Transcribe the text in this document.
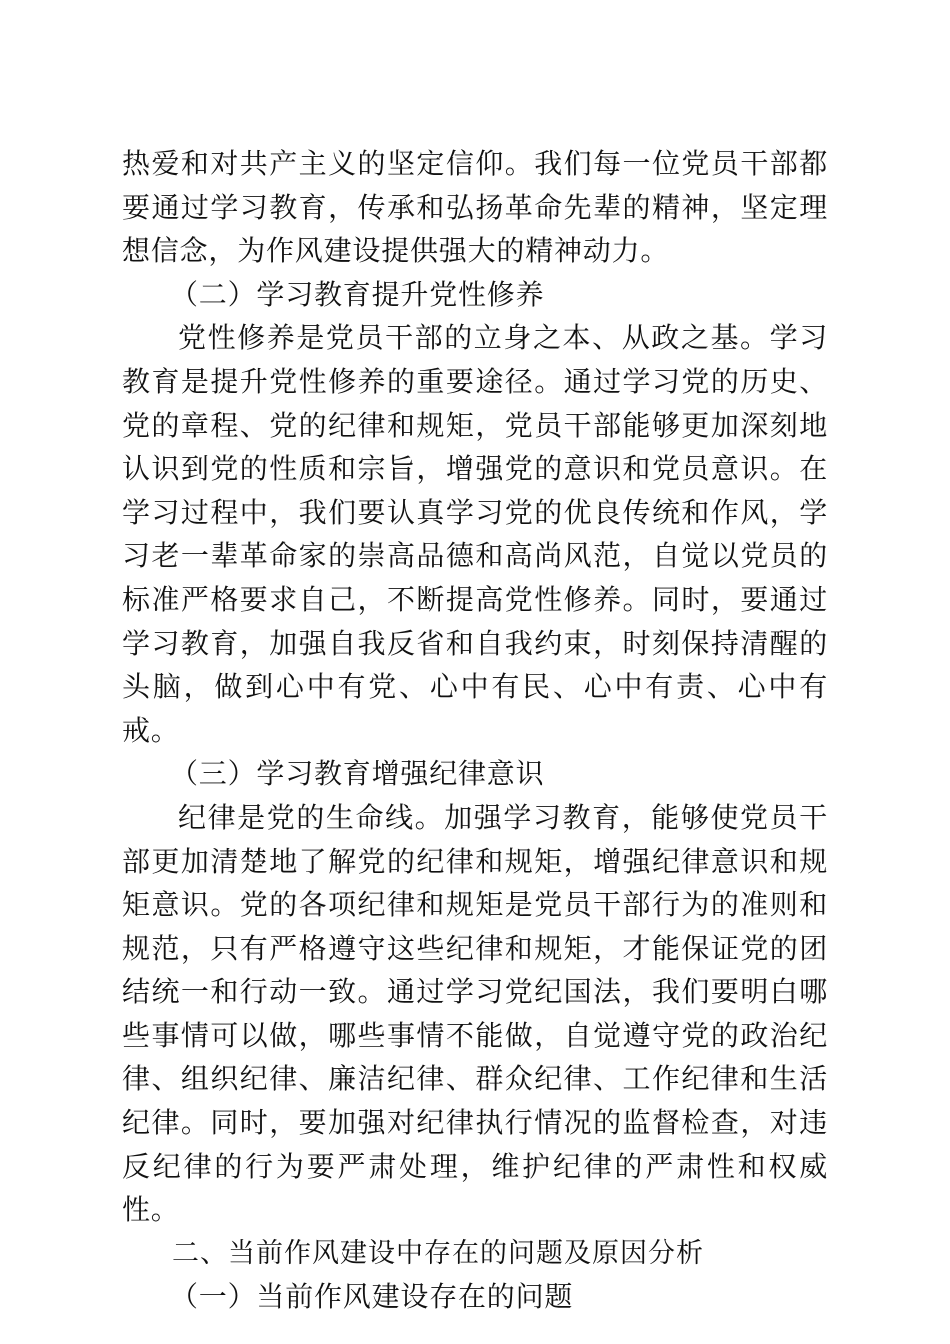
热爱和对共产主义的坚定信仰。我们每一位党员干部都要通过学习教育，传承和弘扬革命先辈的精神，坚定理想信念，为作风建设提供强大的精神动力。

（二）学习教育提升党性修养

党性修养是党员干部的立身之本、从政之基。学习教育是提升党性修养的重要途径。通过学习党的历史、党的章程、党的纪律和规矩，党员干部能够更加深刻地认识到党的性质和宗旨，增强党的意识和党员意识。在学习过程中，我们要认真学习党的优良传统和作风，学习老一辈革命家的崇高品德和高尚风范，自觉以党员的标准严格要求自己，不断提高党性修养。同时，要通过学习教育，加强自我反省和自我约束，时刻保持清醒的头脑，做到心中有党、心中有民、心中有责、心中有戒。

（三）学习教育增强纪律意识

纪律是党的生命线。加强学习教育，能够使党员干部更加清楚地了解党的纪律和规矩，增强纪律意识和规矩意识。党的各项纪律和规矩是党员干部行为的准则和规范，只有严格遵守这些纪律和规矩，才能保证党的团结统一和行动一致。通过学习党纪国法，我们要明白哪些事情可以做，哪些事情不能做，自觉遵守党的政治纪律、组织纪律、廉洁纪律、群众纪律、工作纪律和生活纪律。同时，要加强对纪律执行情况的监督检查，对违反纪律的行为要严肃处理，维护纪律的严肃性和权威性。

二、当前作风建设中存在的问题及原因分析

（一）当前作风建设存在的问题
